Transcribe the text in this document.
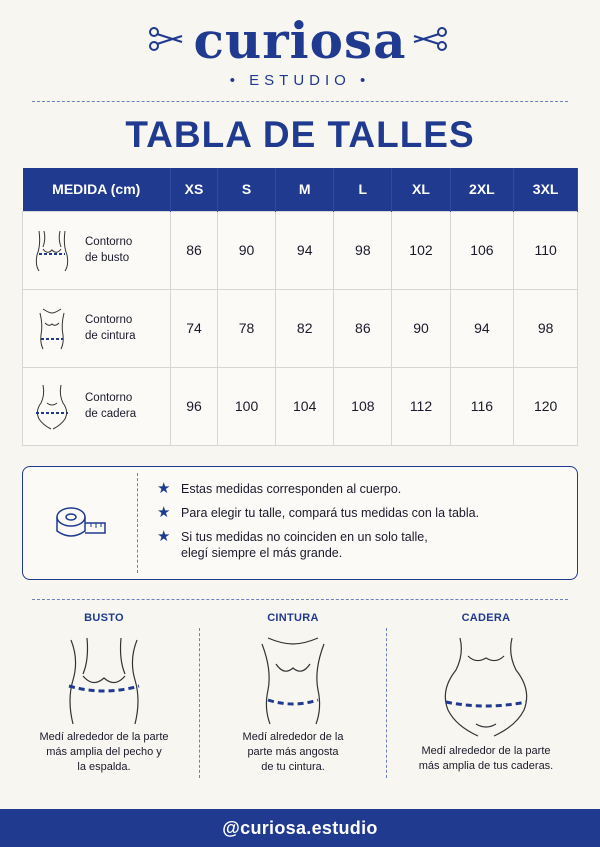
curiosa
• ESTUDIO •
TABLA DE TALLES
MEDIDA (cm)	XS	S	M	L	XL	2XL	3XL

Contorno
de busto	86	90	94	98	102	106	110

Contorno
de cintura	74	78	82	86	90	94	98

Contorno
de cadera	96	100	104	108	112	116	120
★ Estas medidas corresponden al cuerpo.
★ Para elegir tu talle, compará tus medidas con la tabla.
★ Si tus medidas no coinciden en un solo talle,
elegí siempre el más grande.
BUSTO

Medí alrededor de la parte
más amplia del pecho y
la espalda.

CINTURA

Medí alrededor de la
parte más angosta
de tu cintura.

CADERA

Medí alrededor de la parte
más amplia de tus caderas.

@curiosa.estudio
